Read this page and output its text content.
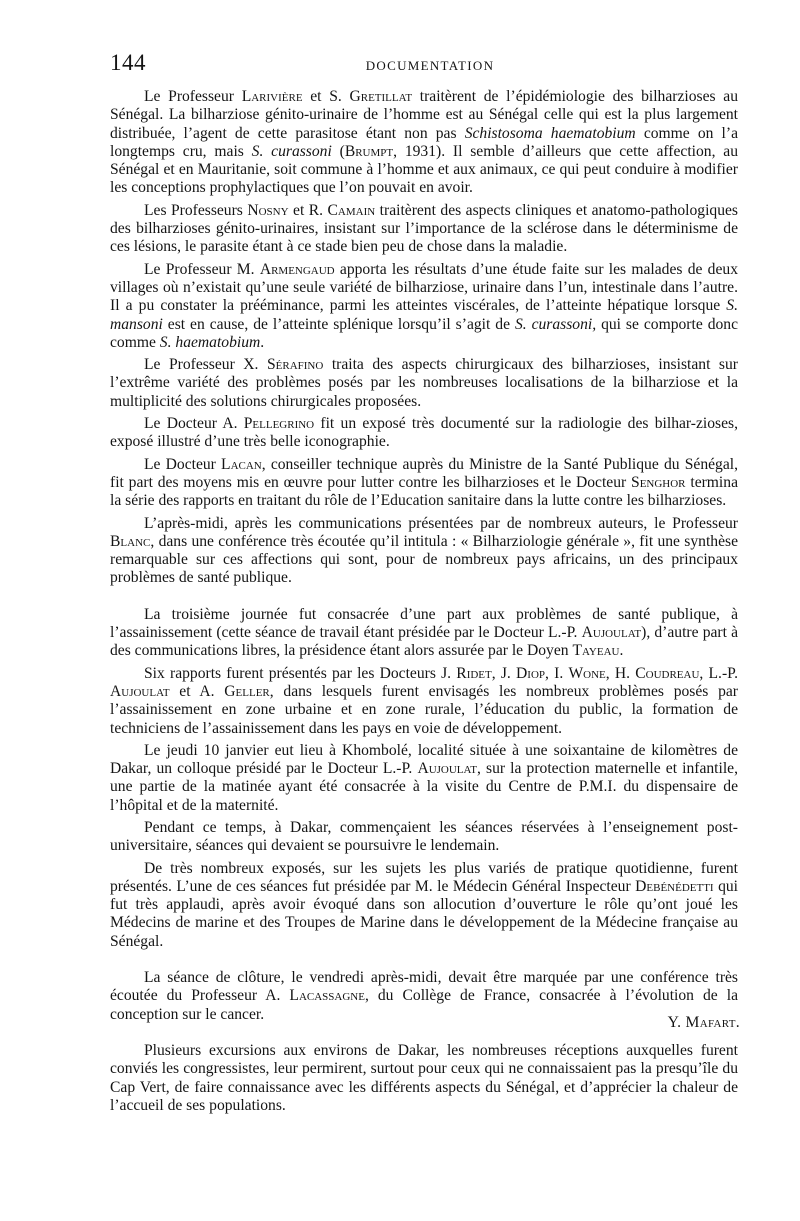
144	DOCUMENTATION

Le Professeur Larivière et S. Gretillat traitèrent de l’épidémiologie des bilharzioses au Sénégal. La bilharziose génito-urinaire de l’homme est au Sénégal celle qui est la plus largement distribuée, l’agent de cette parasitose étant non pas Schistosoma haematobium comme on l’a longtemps cru, mais S. curassoni (Brumpt, 1931). Il semble d’ailleurs que cette affection, au Sénégal et en Mauritanie, soit commune à l’homme et aux animaux, ce qui peut conduire à modifier les conceptions prophylactiques que l’on pouvait en avoir.

Les Professeurs Nosny et R. Camain traitèrent des aspects cliniques et anatomo-pathologiques des bilharzioses génito-urinaires, insistant sur l’importance de la sclérose dans le déterminisme de ces lésions, le parasite étant à ce stade bien peu de chose dans la maladie.

Le Professeur M. Armengaud apporta les résultats d’une étude faite sur les malades de deux villages où n’existait qu’une seule variété de bilharziose, urinaire dans l’un, intestinale dans l’autre. Il a pu constater la prééminance, parmi les atteintes viscérales, de l’atteinte hépatique lorsque S. mansoni est en cause, de l’atteinte splénique lorsqu’il s’agit de S. curassoni, qui se comporte donc comme S. haematobium.

Le Professeur X. Sérafino traita des aspects chirurgicaux des bilharzioses, insistant sur l’extrême variété des problèmes posés par les nombreuses localisations de la bilharziose et la multiplicité des solutions chirurgicales proposées.

Le Docteur A. Pellegrino fit un exposé très documenté sur la radiologie des bilhar-zioses, exposé illustré d’une très belle iconographie.

Le Docteur Lacan, conseiller technique auprès du Ministre de la Santé Publique du Sénégal, fit part des moyens mis en œuvre pour lutter contre les bilharzioses et le Docteur Senghor termina la série des rapports en traitant du rôle de l’Education sanitaire dans la lutte contre les bilharzioses.

L’après-midi, après les communications présentées par de nombreux auteurs, le Professeur Blanc, dans une conférence très écoutée qu’il intitula : « Bilharziologie générale », fit une synthèse remarquable sur ces affections qui sont, pour de nombreux pays africains, un des principaux problèmes de santé publique.

La troisième journée fut consacrée d’une part aux problèmes de santé publique, à l’assainissement (cette séance de travail étant présidée par le Docteur L.-P. Aujoulat), d’autre part à des communications libres, la présidence étant alors assurée par le Doyen Tayeau.

Six rapports furent présentés par les Docteurs J. Ridet, J. Diop, I. Wone, H. Coudreau, L.-P. Aujoulat et A. Geller, dans lesquels furent envisagés les nombreux problèmes posés par l’assainissement en zone urbaine et en zone rurale, l’éducation du public, la formation de techniciens de l’assainissement dans les pays en voie de développement.

Le jeudi 10 janvier eut lieu à Khombolé, localité située à une soixantaine de kilomètres de Dakar, un colloque présidé par le Docteur L.-P. Aujoulat, sur la protection maternelle et infantile, une partie de la matinée ayant été consacrée à la visite du Centre de P.M.I. du dispensaire de l’hôpital et de la maternité.

Pendant ce temps, à Dakar, commençaient les séances réservées à l’enseignement post-universitaire, séances qui devaient se poursuivre le lendemain.

De très nombreux exposés, sur les sujets les plus variés de pratique quotidienne, furent présentés. L’une de ces séances fut présidée par M. le Médecin Général Inspecteur Debénédetti qui fut très applaudi, après avoir évoqué dans son allocution d’ouverture le rôle qu’ont joué les Médecins de marine et des Troupes de Marine dans le développement de la Médecine française au Sénégal.

La séance de clôture, le vendredi après-midi, devait être marquée par une conférence très écoutée du Professeur A. Lacassagne, du Collège de France, consacrée à l’évolution de la conception sur le cancer.

Plusieurs excursions aux environs de Dakar, les nombreuses réceptions auxquelles furent conviés les congressistes, leur permirent, surtout pour ceux qui ne connaissaient pas la presqu’île du Cap Vert, de faire connaissance avec les différents aspects du Sénégal, et d’apprécier la chaleur de l’accueil de ses populations.

Y. Mafart.
